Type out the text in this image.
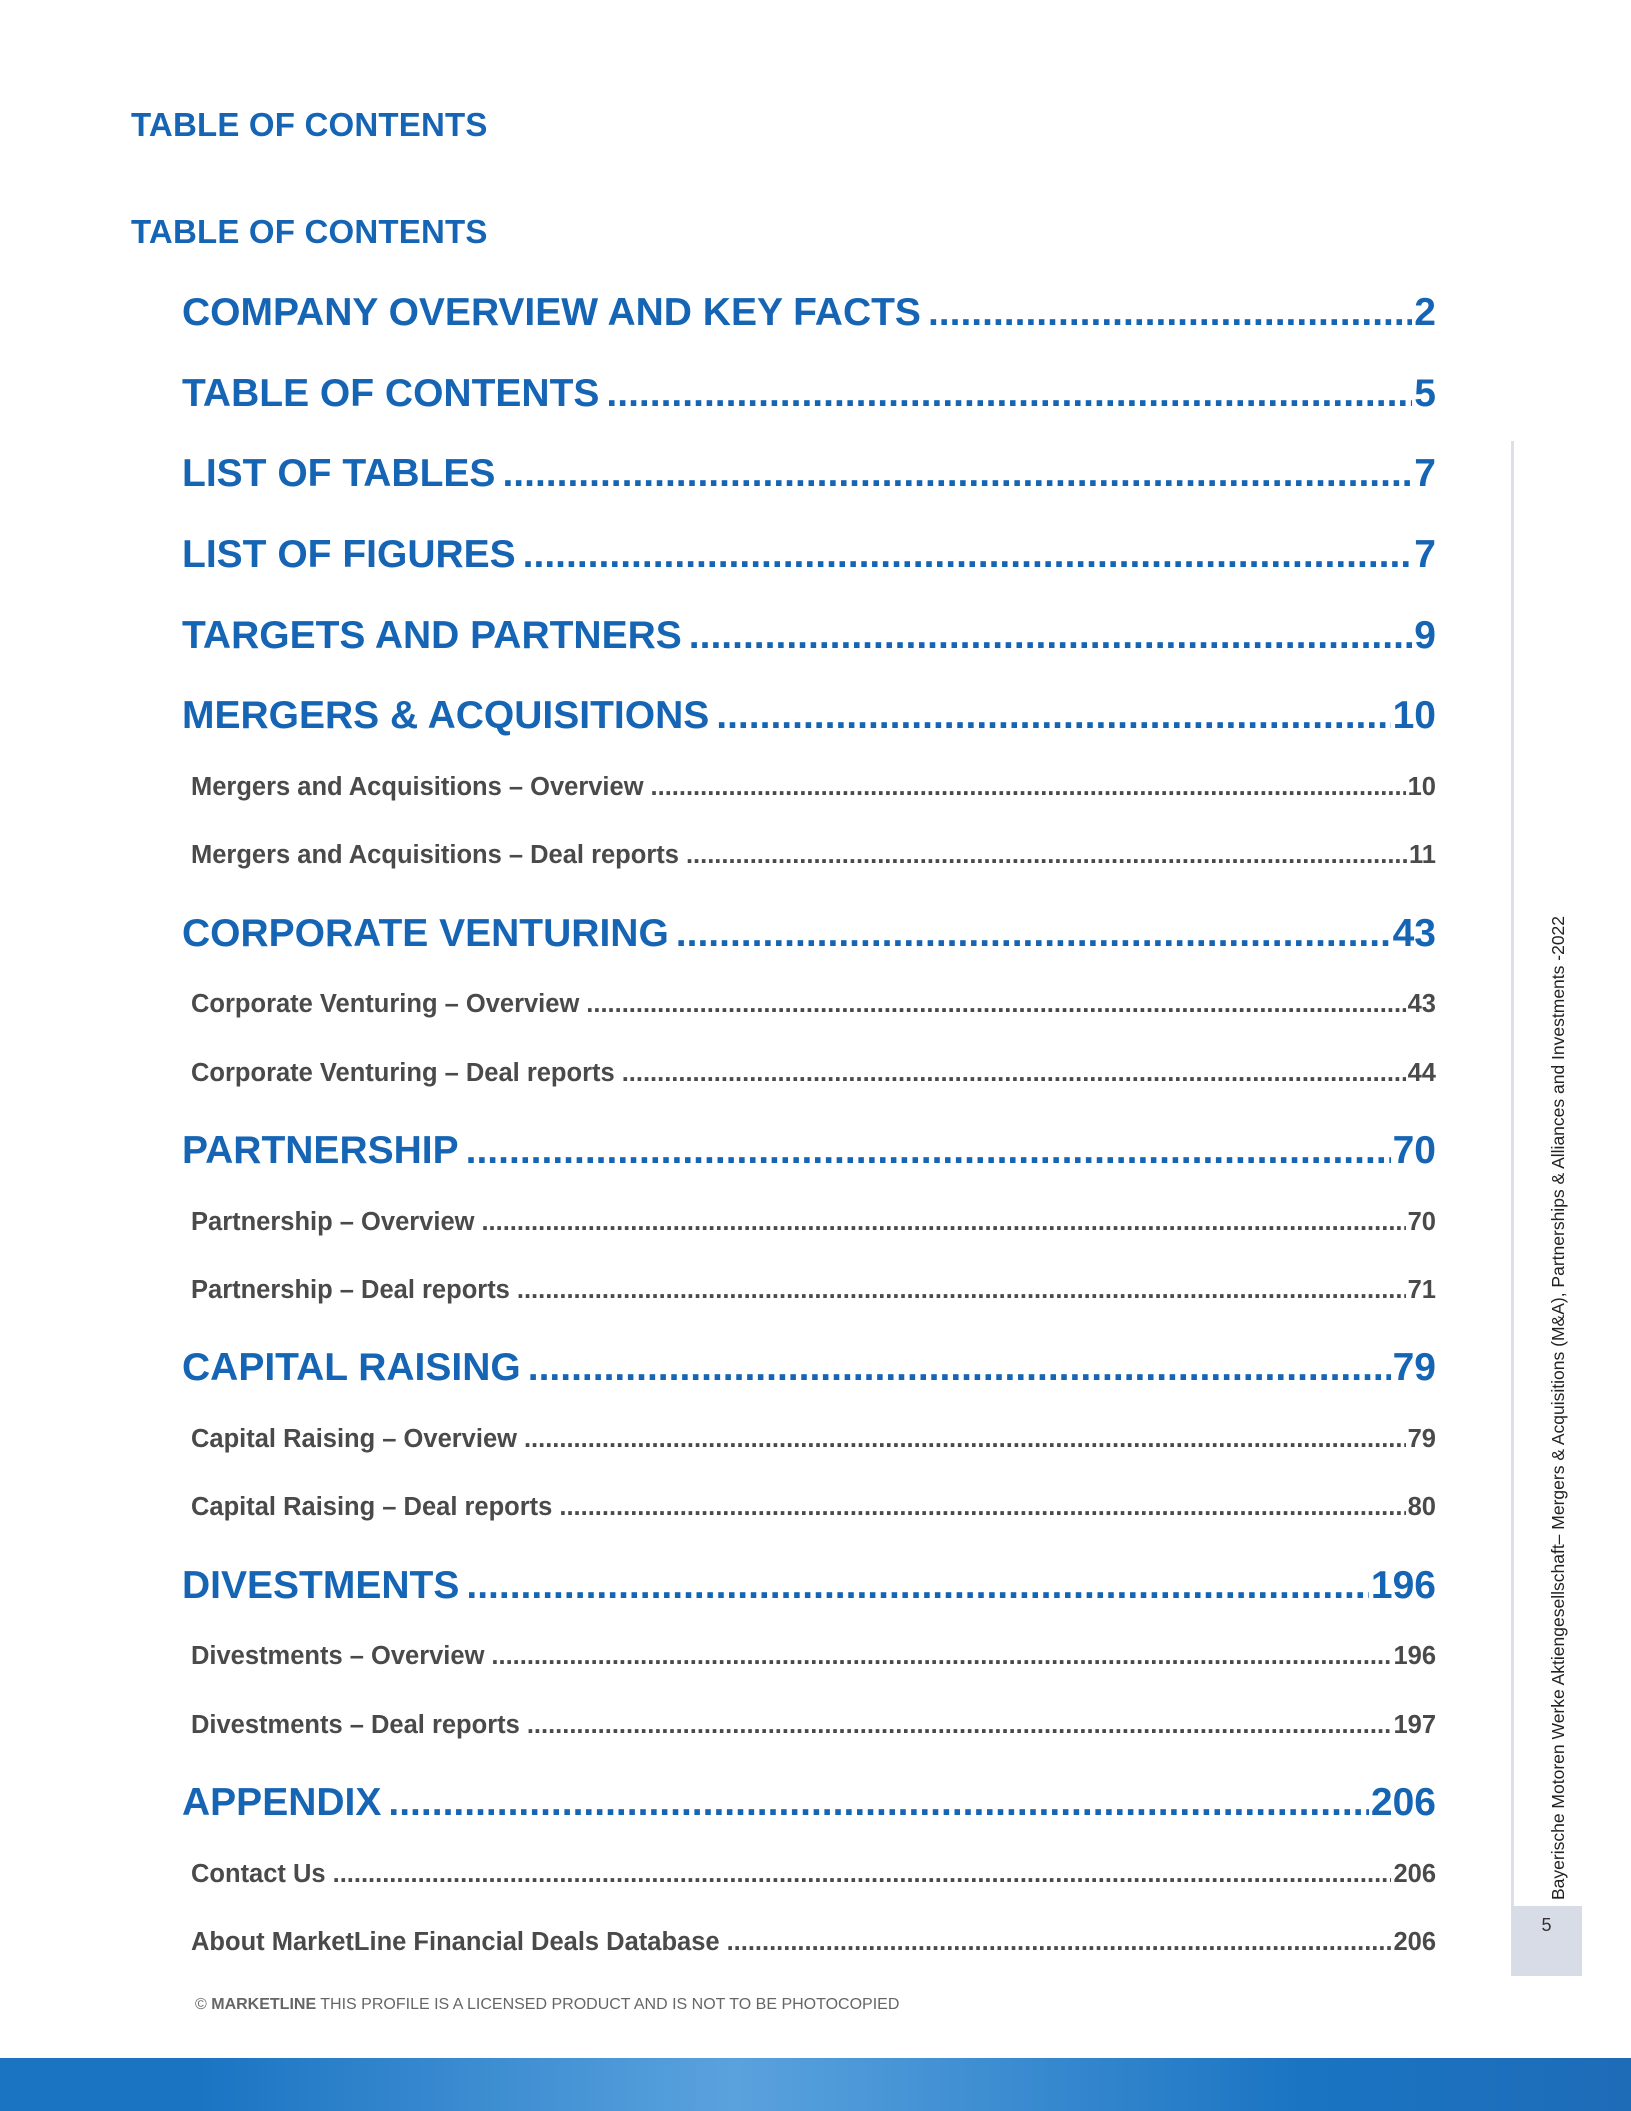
TABLE OF CONTENTS
TABLE OF CONTENTS
COMPANY OVERVIEW AND KEY FACTS .....	2
TABLE OF CONTENTS .....	5
LIST OF TABLES .....	7
LIST OF FIGURES .....	7
TARGETS AND PARTNERS .....	9
MERGERS & ACQUISITIONS .....	10
Mergers and Acquisitions – Overview .....	10
Mergers and Acquisitions – Deal reports .....	11
CORPORATE VENTURING .....	43
Corporate Venturing – Overview .....	43
Corporate Venturing – Deal reports .....	44
PARTNERSHIP .....	70
Partnership – Overview .....	70
Partnership – Deal reports .....	71
CAPITAL RAISING .....	79
Capital Raising – Overview .....	79
Capital Raising – Deal reports .....	80
DIVESTMENTS .....	196
Divestments – Overview .....	196
Divestments – Deal reports .....	197
APPENDIX .....	206
Contact Us .....	206
About MarketLine Financial Deals Database .....	206
Bayerische Motoren Werke Aktiengesellschaft– Mergers & Acquisitions (M&A), Partnerships & Alliances and Investments -2022
5
© MARKETLINE THIS PROFILE IS A LICENSED PRODUCT AND IS NOT TO BE PHOTOCOPIED
